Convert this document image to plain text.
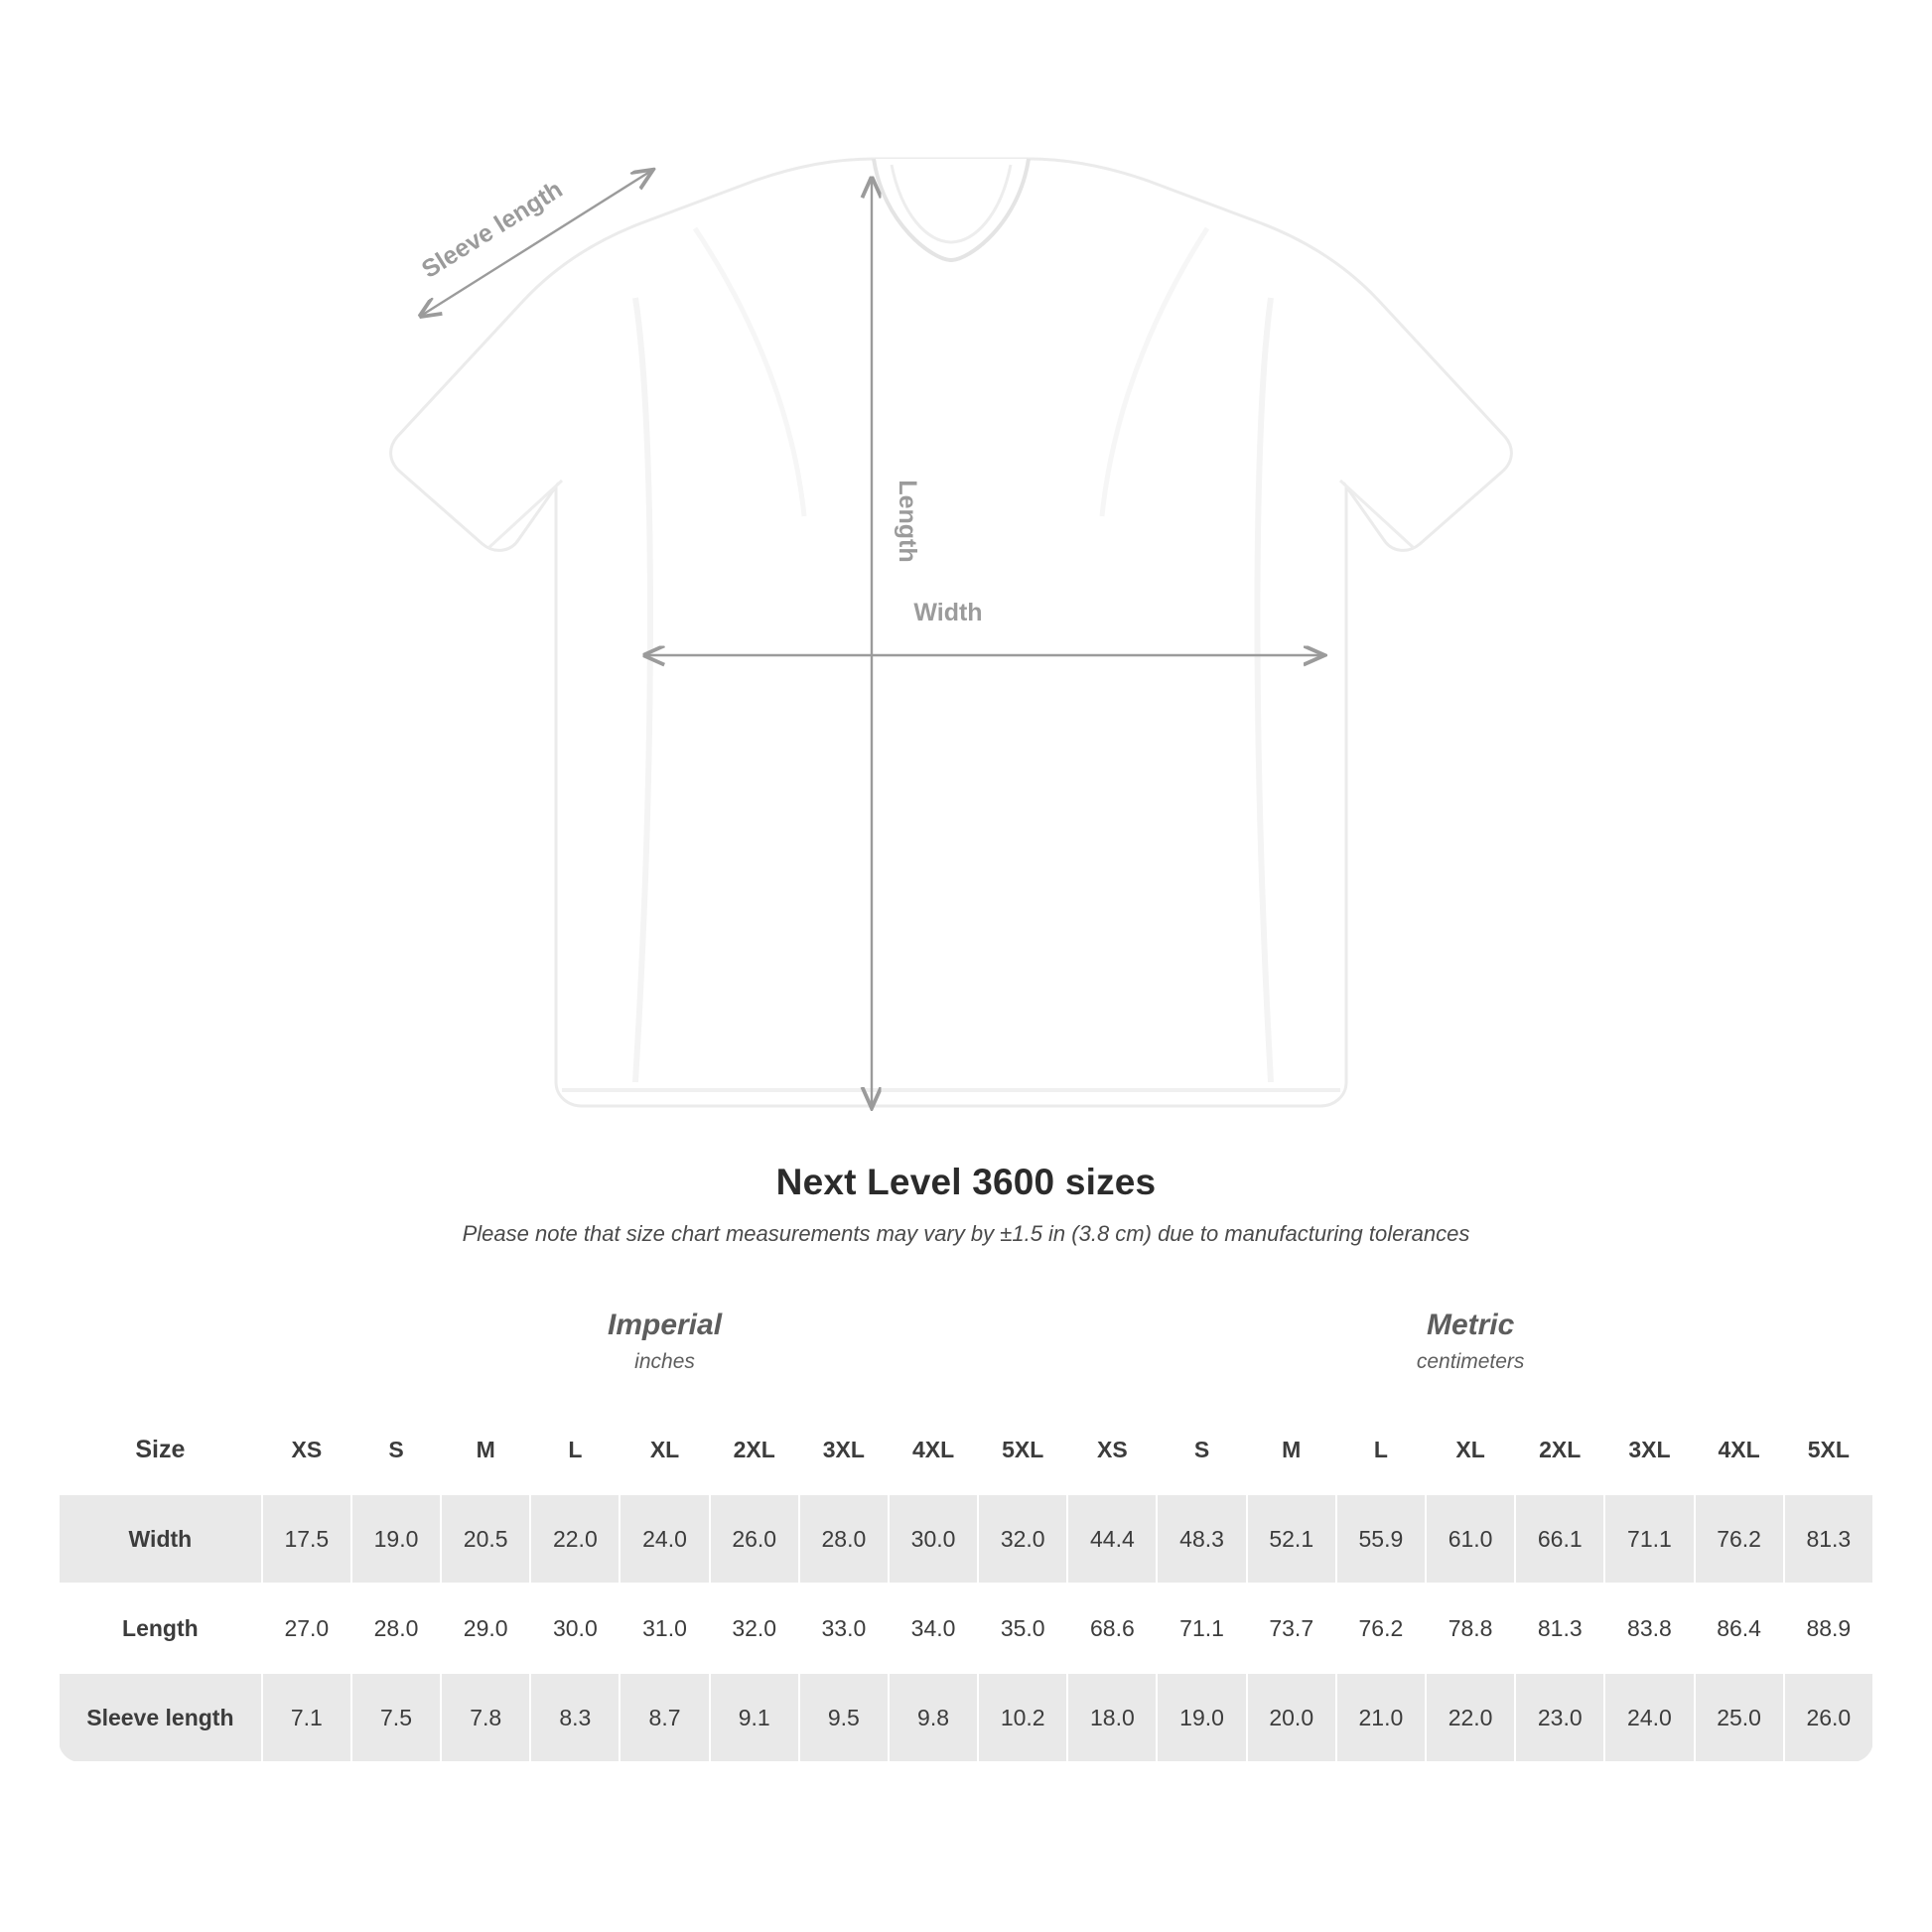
Length
Width
Sleeve length
Next Level 3600 sizes
Please note that size chart measurements may vary by ±1.5 in (3.8 cm) due to manufacturing tolerances

Imperial
inches

Metric
centimeters

Size	XS	S	M	L	XL	2XL	3XL	4XL	5XL	XS	S	M	L	XL	2XL	3XL	4XL	5XL
Width	17.5	19.0	20.5	22.0	24.0	26.0	28.0	30.0	32.0	44.4	48.3	52.1	55.9	61.0	66.1	71.1	76.2	81.3
Length	27.0	28.0	29.0	30.0	31.0	32.0	33.0	34.0	35.0	68.6	71.1	73.7	76.2	78.8	81.3	83.8	86.4	88.9
Sleeve length	7.1	7.5	7.8	8.3	8.7	9.1	9.5	9.8	10.2	18.0	19.0	20.0	21.0	22.0	23.0	24.0	25.0	26.0
